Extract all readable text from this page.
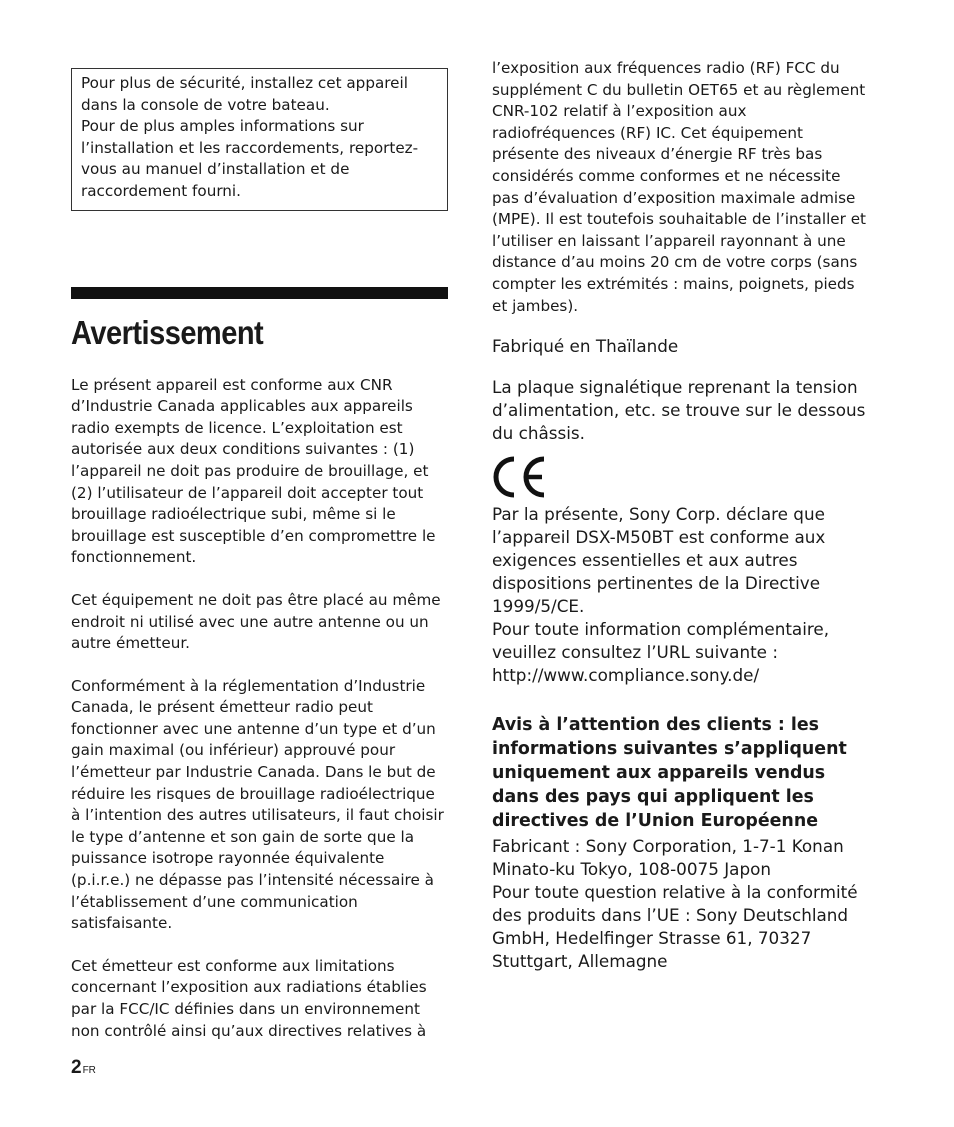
Pour plus de sécurité, installez cet appareil

dans la console de votre bateau.

Pour de plus amples informations sur

l’installation et les raccordements, reportez-

vous au manuel d’installation et de

raccordement fourni.

Avertissement

Le présent appareil est conforme aux CNR d’Industrie Canada applicables aux appareils radio exempts de licence. L’exploitation est autorisée aux deux conditions suivantes : (1) l’appareil ne doit pas produire de brouillage, et (2) l’utilisateur de l’appareil doit accepter tout brouillage radioélectrique subi, même si le brouillage est susceptible d’en compromettre le fonctionnement.

Cet équipement ne doit pas être placé au même endroit ni utilisé avec une autre antenne ou un autre émetteur.

Conformément à la réglementation d’Industrie Canada, le présent émetteur radio peut fonctionner avec une antenne d’un type et d’un gain maximal (ou inférieur) approuvé pour l’émetteur par Industrie Canada. Dans le but de réduire les risques de brouillage radioélectrique à l’intention des autres utilisateurs, il faut choisir le type d’antenne et son gain de sorte que la puissance isotrope rayonnée équivalente (p.i.r.e.) ne dépasse pas l’intensité nécessaire à l’établissement d’une communication satisfaisante.

Cet émetteur est conforme aux limitations concernant l’exposition aux radiations établies par la FCC/IC définies dans un environnement non contrôlé ainsi qu’aux directives relatives à

l’exposition aux fréquences radio (RF) FCC du supplément C du bulletin OET65 et au règlement CNR-102 relatif à l’exposition aux radiofréquences (RF) IC. Cet équipement présente des niveaux d’énergie RF très bas considérés comme conformes et ne nécessite pas d’évaluation d’exposition maximale admise (MPE). Il est toutefois souhaitable de l’installer et l’utiliser en laissant l’appareil rayonnant à une distance d’au moins 20 cm de votre corps (sans compter les extrémités : mains, poignets, pieds et jambes).

Fabriqué en Thaïlande

La plaque signalétique reprenant la tension d’alimentation, etc. se trouve sur le dessous du châssis.

Par la présente, Sony Corp. déclare que l’appareil DSX-M50BT est conforme aux exigences essentielles et aux autres dispositions pertinentes de la Directive 1999/5/CE.

Pour toute information complémentaire, veuillez consultez l’URL suivante :

http://www.compliance.sony.de/

Avis à l’attention des clients : les informations suivantes s’appliquent uniquement aux appareils vendus dans des pays qui appliquent les directives de l’Union Européenne

Fabricant : Sony Corporation, 1-7-1 Konan Minato-ku Tokyo, 108-0075 Japon

Pour toute question relative à la conformité des produits dans l’UE : Sony Deutschland GmbH, Hedelfinger Strasse 61, 70327 Stuttgart, Allemagne

2FR
